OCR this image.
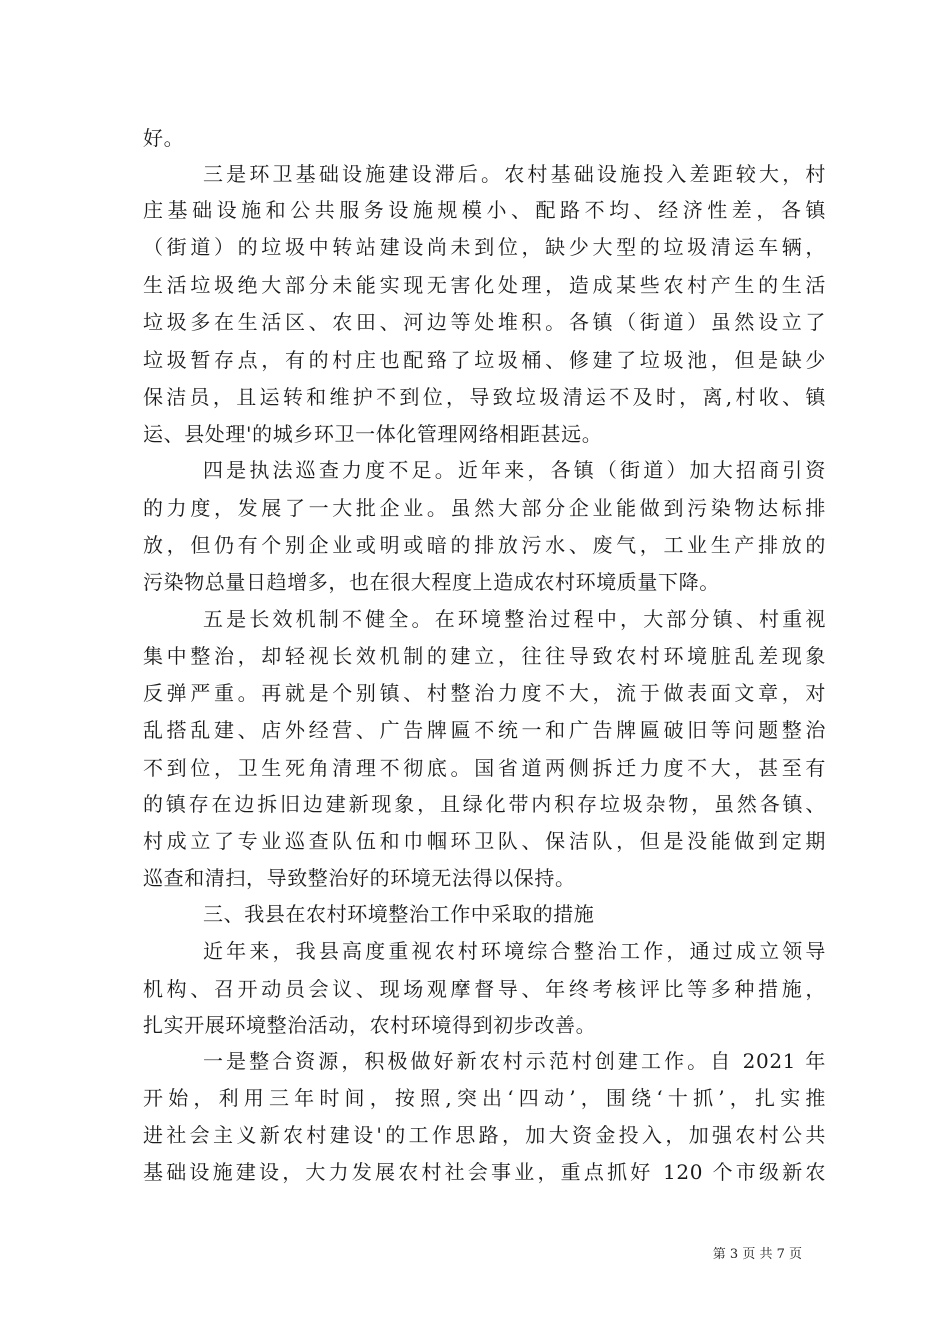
好。
三是环卫基础设施建设滞后。农村基础设施投入差距较大，村
庄基础设施和公共服务设施规模小、配路不均、经济性差，各镇
（街道）的垃圾中转站建设尚未到位，缺少大型的垃圾清运车辆，
生活垃圾绝大部分未能实现无害化处理，造成某些农村产生的生活
垃圾多在生活区、农田、河边等处堆积。各镇（街道）虽然设立了
垃圾暂存点，有的村庄也配臵了垃圾桶、修建了垃圾池，但是缺少
保洁员，且运转和维护不到位，导致垃圾清运不及时，离,村收、镇
运、县处理'的城乡环卫一体化管理网络相距甚远。
四是执法巡查力度不足。近年来，各镇（街道）加大招商引资
的力度，发展了一大批企业。虽然大部分企业能做到污染物达标排
放，但仍有个别企业或明或暗的排放污水、废气，工业生产排放的
污染物总量日趋增多，也在很大程度上造成农村环境质量下降。
五是长效机制不健全。在环境整治过程中，大部分镇、村重视
集中整治，却轻视长效机制的建立，往往导致农村环境脏乱差现象
反弹严重。再就是个别镇、村整治力度不大，流于做表面文章，对
乱搭乱建、店外经营、广告牌匾不统一和广告牌匾破旧等问题整治
不到位，卫生死角清理不彻底。国省道两侧拆迁力度不大，甚至有
的镇存在边拆旧边建新现象，且绿化带内积存垃圾杂物，虽然各镇、
村成立了专业巡查队伍和巾帼环卫队、保洁队，但是没能做到定期
巡查和清扫，导致整治好的环境无法得以保持。
三、我县在农村环境整治工作中采取的措施
近年来，我县高度重视农村环境综合整治工作，通过成立领导
机构、召开动员会议、现场观摩督导、年终考核评比等多种措施，
扎实开展环境整治活动，农村环境得到初步改善。
一是整合资源，积极做好新农村示范村创建工作。自 2021 年
开始，利用三年时间，按照,突出‘四动’，围绕‘十抓’，扎实推
进社会主义新农村建设'的工作思路，加大资金投入，加强农村公共
基础设施建设，大力发展农村社会事业，重点抓好 120 个市级新农
第 3 页 共 7 页
